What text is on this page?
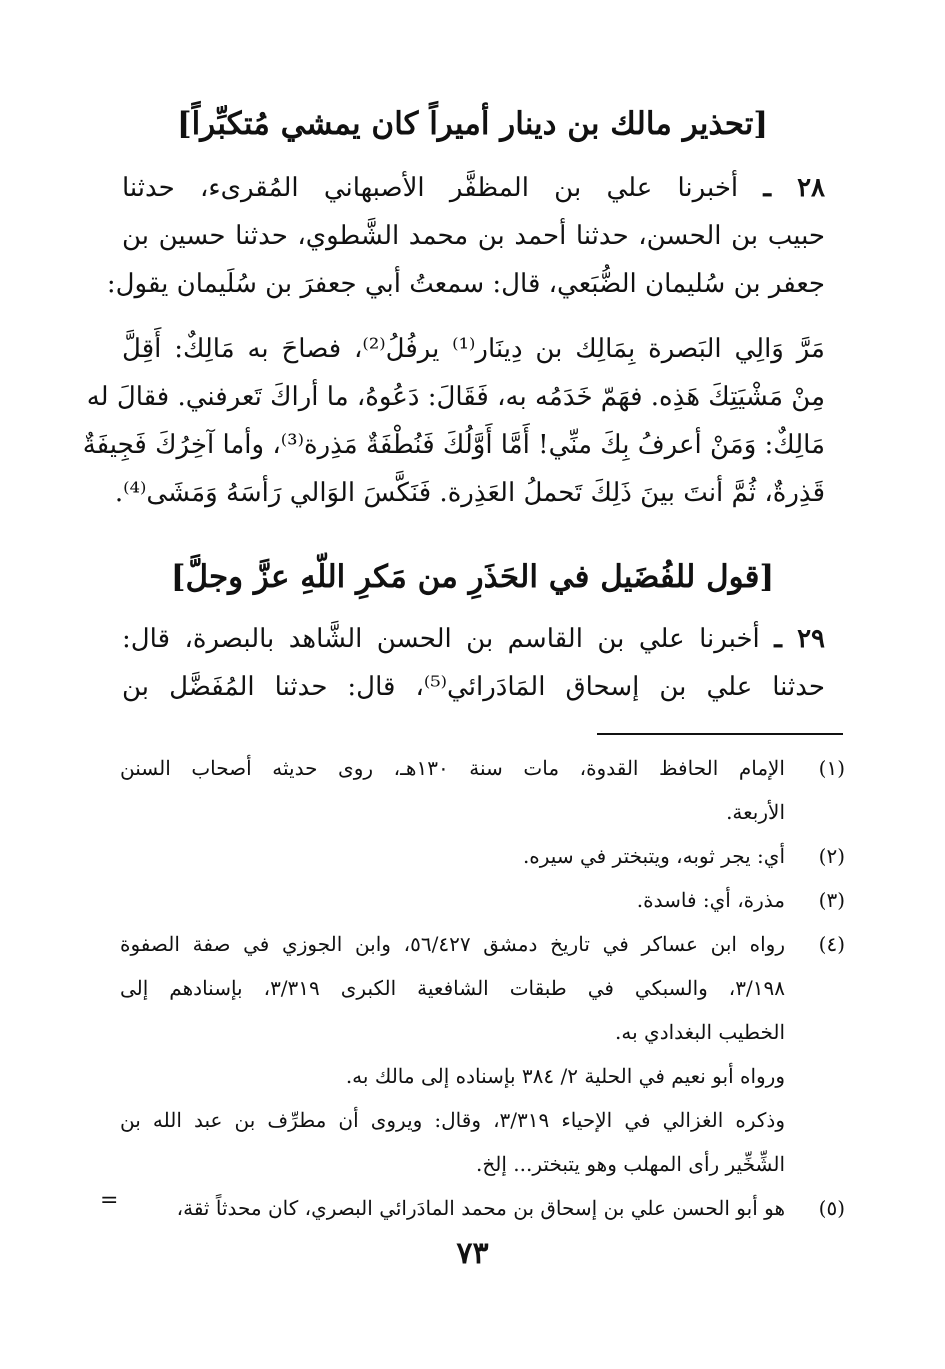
[تحذير مالك بن دينار أميراً كان يمشي مُتكبِّراً]
٢٨ ـ أخبرنا علي بن المظفَّر الأصبهاني المُقرىء، حدثنا
حبيب بن الحسن، حدثنا أحمد بن محمد الشَّطوي، حدثنا حسين بن
جعفر بن سُليمان الضُّبَعي، قال: سمعتُ أبي جعفرَ بن سُلَيمان يقول:
مَرَّ وَالِي البَصرة بِمَالِك بن دِينَار⁽¹⁾ يرفُلُ⁽²⁾، فصاحَ به مَالِكٌ: أَقِلَّ
مِنْ مَشْيَتِكَ هَذِه. فهَمّ خَدَمُه به، فَقَالَ: دَعُوهُ، ما أراكَ تَعرفني. فقالَ له
مَالِكٌ: وَمَنْ أعرفُ بِكَ منِّي! أَمَّا أَوَّلُكَ فَنُطْفَةٌ مَذِرة⁽³⁾، وأما آخِرُكَ فَجِيفَةٌ
قَذِرةٌ، ثُمَّ أنتَ بينَ ذَلِكَ تَحملُ العَذِرة. فَنَكَّسَ الوَالي رَأسَهُ وَمَشَى⁽⁴⁾.
[قول للفُضَيل في الحَذَرِ من مَكرِ اللّهِ عزَّ وجلَّ]
٢٩ ـ أخبرنا علي بن القاسم بن الحسن الشَّاهد بالبصرة، قال:
حدثنا علي بن إسحاق المَادَرائي⁽⁵⁾، قال: حدثنا المُفَضَّل بن
(١)
الإمام الحافظ القدوة، مات سنة ١٣٠هـ، روى حديثه أصحاب السنن
الأربعة.
(٢)
أي: يجر ثوبه، ويتبختر في سيره.
(٣)
مذرة، أي: فاسدة.
(٤)
رواه ابن عساكر في تاريخ دمشق ٥٦/٤٢٧، وابن الجوزي في صفة الصفوة
٣/١٩٨، والسبكي في طبقات الشافعية الكبرى ٣/٣١٩، بإسنادهم إلى
الخطيب البغدادي به.
ورواه أبو نعيم في الحلية ٢/ ٣٨٤ بإسناده إلى مالك به.
وذكره الغزالي في الإحياء ٣/٣١٩، وقال: ويروى أن مطرِّف بن عبد الله بن
الشِّخِّير رأى المهلب وهو يتبختر... إلخ.
(٥)
هو أبو الحسن علي بن إسحاق بن محمد المادَرائي البصري، كان محدثاً ثقة،
=
٧٣
